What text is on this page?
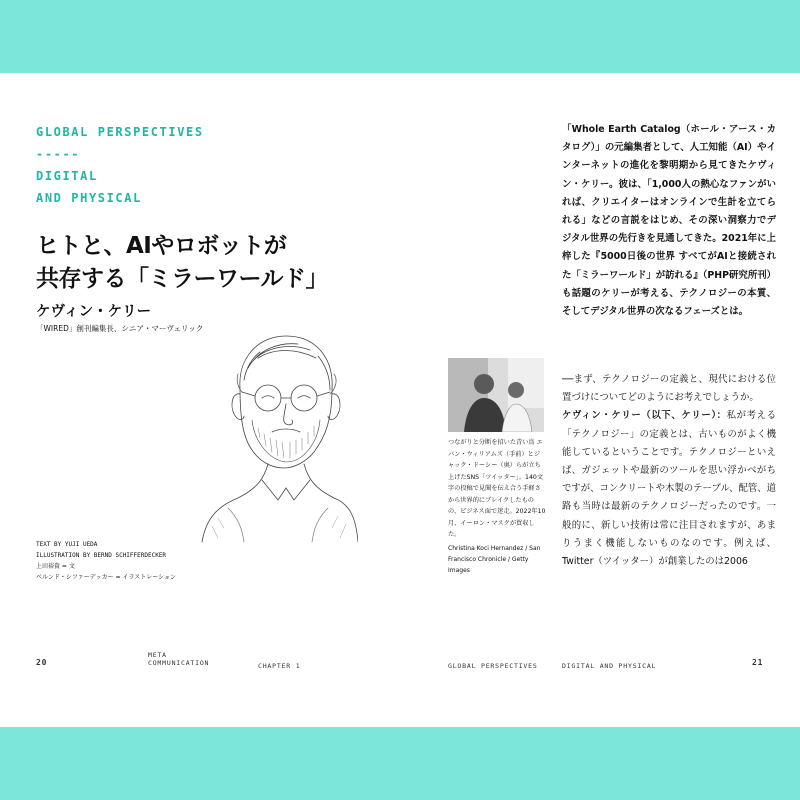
GLOBAL PERSPECTIVES
-----
DIGITAL
AND PHYSICAL
ヒトと、AIやロボットが
共存する「ミラーワールド」
ケヴィン・ケリー
「WIRED」創刊編集長、シニア・マーヴェリック
TEXT BY YUJI UEDA
ILLUSTRATION BY BERND SCHIFFERDECKER
上田裕資 = 文
ベルンド・シファーデッカー = イラストレーション
つながりと分断を招いた青い鳥 エバン・ウィリアムズ（手前）とジャック・ドーシー（奥）らが立ち上げたSNS「ツイッター」。140文字の投稿で見聞を伝え合う手軽さから世界的にブレイクしたものの、ビジネス面で迷走。2022年10月、イーロン・マスクが買収した。
Christina Koci Hernandez / San Francisco Chronicle / Getty Images
「Whole Earth Catalog（ホール・アース・カタログ）」の元編集者として、人工知能（AI）やインターネットの進化を黎明期から見てきたケヴィン・ケリー。彼は、「1,000人の熱心なファンがいれば、クリエイターはオンラインで生計を立てられる」などの言説をはじめ、その深い洞察力でデジタル世界の先行きを見通してきた。2021年に上梓した『5000日後の世界 すべてがAIと接続された「ミラーワールド」が訪れる』（PHP研究所刊）も話題のケリーが考える、テクノロジーの本質、そしてデジタル世界の次なるフェーズとは。
──まず、テクノロジーの定義と、現代における位置づけについてどのようにお考えでしょうか。
ケヴィン・ケリー（以下、ケリー）：私が考える「テクノロジー」の定義とは、古いものがよく機能しているということです。テクノロジーといえば、ガジェットや最新のツールを思い浮かべがちですが、コンクリートや木製のテーブル、配管、道路も当時は最新のテクノロジーだったのです。一般的に、新しい技術は常に注目されますが、あまりうまく機能しないものなのです。例えば、Twitter（ツイッター）が創業したのは2006
20
META
COMMUNICATION	CHAPTER 1	GLOBAL PERSPECTIVES	DIGITAL AND PHYSICAL	21
